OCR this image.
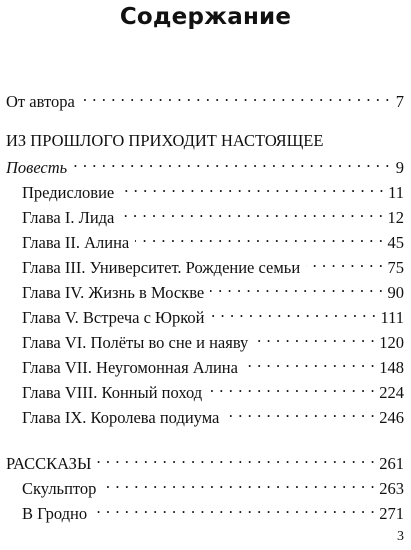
Содержание
От автора . . .	7
ИЗ ПРОШЛОГО ПРИХОДИТ НАСТОЯЩЕЕ
Повесть . . .	9
Предисловие . . .	11
Глава I. Лида . . .	12
Глава II. Алина . . .	45
Глава III. Университет. Рождение семьи . . .	75
Глава IV. Жизнь в Москве . . .	90
Глава V. Встреча с Юркой . . .	111
Глава VI. Полёты во сне и наяву . . .	120
Глава VII. Неугомонная Алина . . .	148
Глава VIII. Конный поход . . .	224
Глава IX. Королева подиума . . .	246
РАССКАЗЫ . . .	261
Скульптор . . .	263
В Гродно . . .	271
3
